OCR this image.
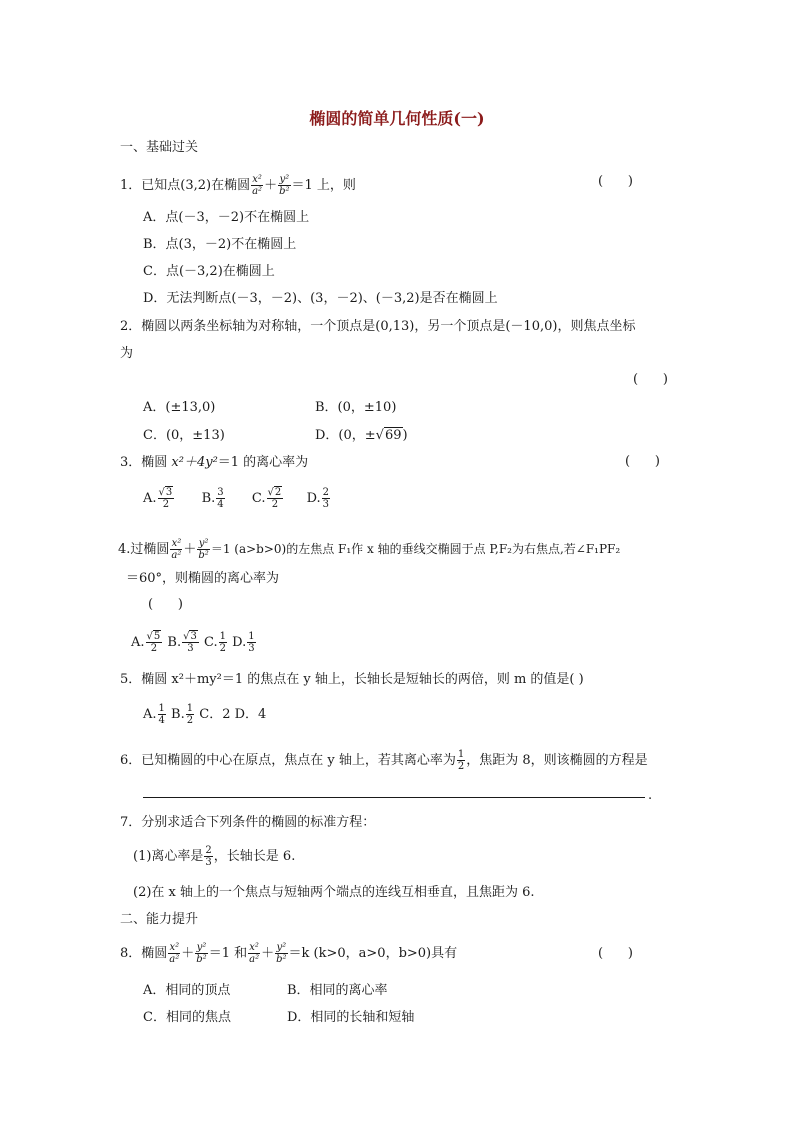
椭圆的简单几何性质(一)
一、基础过关
1．已知点(3,2)在椭圆 $\frac{\text{x²}}{\text{a²}} + \frac{\text{y²}}{\text{b²}} =1$ 上，则	(      )
A．点(－3，－2)不在椭圆上
B．点(3，－2)不在椭圆上
C．点(－3,2)在椭圆上
D．无法判断点(－3，－2)、(3，－2)、(－3,2)是否在椭圆上
2．椭圆以两条坐标轴为对称轴，一个顶点是(0,13)，另一个顶点是(－10,0)，则焦点坐标
为
(      )
A．(±13,0)	B．(0，±10)
C．(0，±13)	D．(0，±√69)
3．椭圆 x²＋4y²＝1 的离心率为	(      )
A. $\frac{√3}{2} B$. $\frac{3}{4} C$. $\frac{√2}{2} D$. $\frac{2}{3}$
4.过椭圆 $\frac{\text{x²}}{\text{a²}} + \frac{\text{y²}}{\text{b²}} =1$ (a>b>0)的左焦点 F₁作 x 轴的垂线交椭圆于点 P,F₂为右焦点,若∠F₁PF₂
＝60°，则椭圆的离心率为
(      )
A. $\frac{√5}{2} B$. $\frac{√3}{3} C$. $\frac{1}{2} D$. $\frac{1}{3}$
5．椭圆 x²＋my²＝1 的焦点在 y 轴上，长轴长是短轴长的两倍，则 m 的值是( )
A. $\frac{1}{4} B$. $\frac{1}{2}$ C．2 D．4
6．已知椭圆的中心在原点，焦点在 y 轴上，若其离心率为 $\frac{1}{2}$ ，焦距为 8，则该椭圆的方程是
.
7．分别求适合下列条件的椭圆的标准方程：
(1)离心率是 $\frac{2}{3}$ ，长轴长是 6.
(2)在 x 轴上的一个焦点与短轴两个端点的连线互相垂直，且焦距为 6.
二、能力提升
8．椭圆 $\frac{\text{x²}}{\text{a²}} + \frac{\text{y²}}{\text{b²}} =1$ 和 $\frac{\text{x²}}{\text{a²}} + \frac{\text{y²}}{\text{b²}} =k$ (k>0，a>0，b>0)具有	(      )
A．相同的顶点	B．相同的离心率
C．相同的焦点	D．相同的长轴和短轴
